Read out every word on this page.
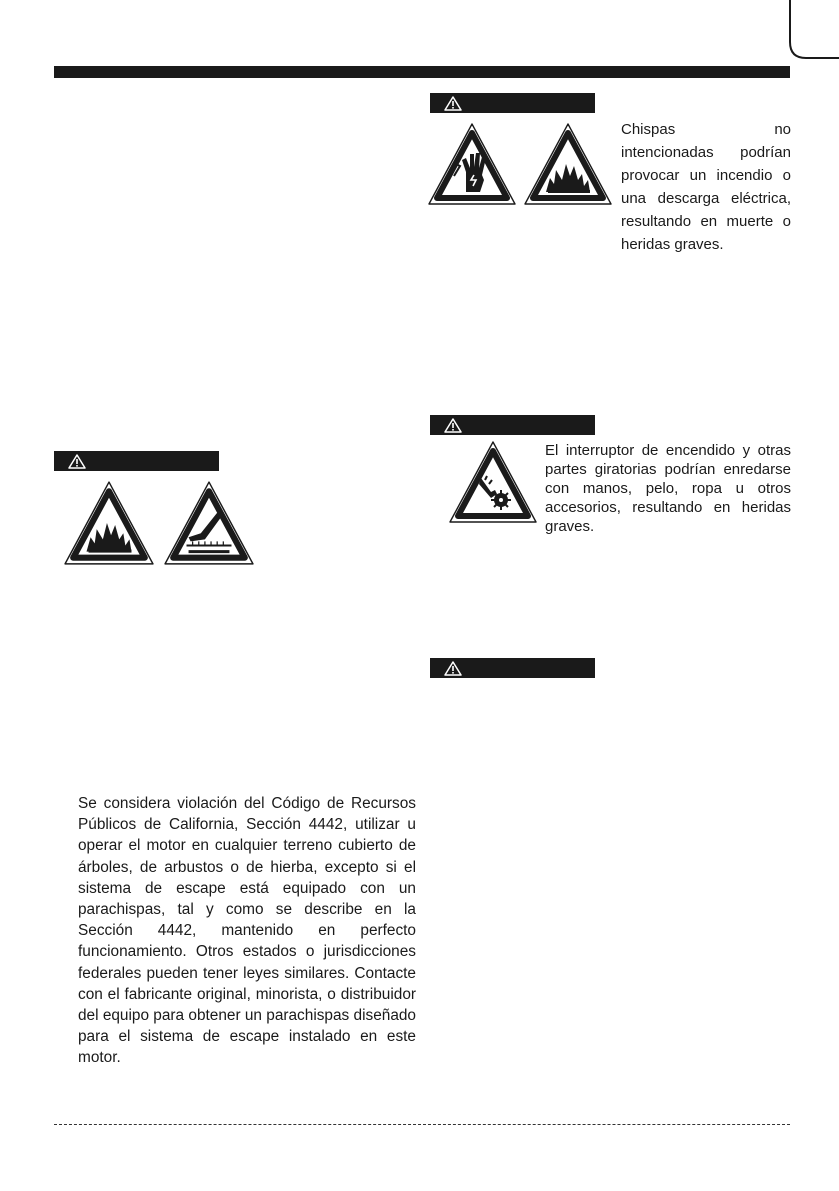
Chispas no intencionadas podrían provocar un incendio o una descarga eléctrica, resultando en muerte o heridas graves.

El interruptor de encendido y otras partes giratorias podrían enredarse con manos, pelo, ropa u otros accesorios, resultando en heridas graves.

Se considera violación del Código de Recursos Públicos de California, Sección 4442, utilizar u operar el motor en cualquier terreno cubierto de árboles, de arbustos o de hierba, excepto si el sistema de escape está equipado con un parachispas, tal y como se describe en la Sección 4442, mantenido en perfecto funcionamiento. Otros estados o jurisdicciones federales pueden tener leyes similares. Contacte con el fabricante original, minorista, o distribuidor del equipo para obtener un parachispas diseñado para el sistema de escape instalado en este motor.
